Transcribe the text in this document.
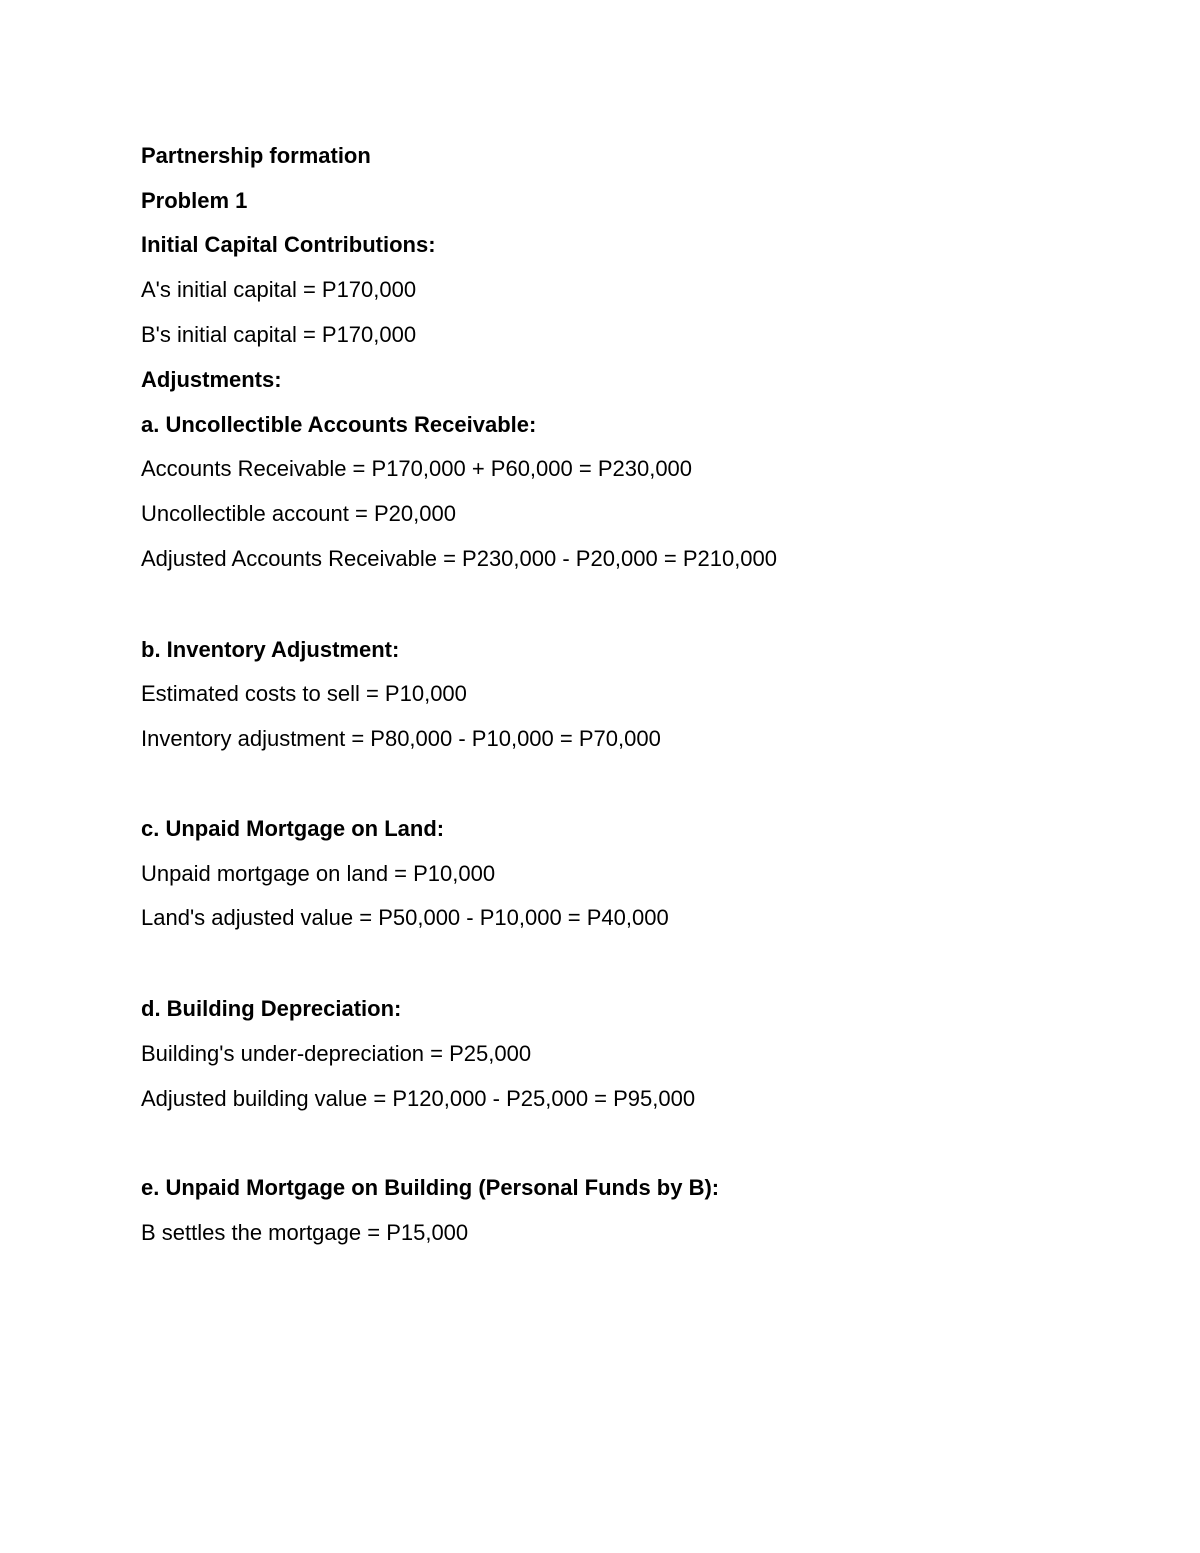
Partnership formation

Problem 1

Initial Capital Contributions:

A's initial capital = P170,000

B's initial capital = P170,000

Adjustments:

a. Uncollectible Accounts Receivable:

Accounts Receivable = P170,000 + P60,000 = P230,000

Uncollectible account = P20,000

Adjusted Accounts Receivable = P230,000 - P20,000 = P210,000

b. Inventory Adjustment:

Estimated costs to sell = P10,000

Inventory adjustment = P80,000 - P10,000 = P70,000

c. Unpaid Mortgage on Land:

Unpaid mortgage on land = P10,000

Land's adjusted value = P50,000 - P10,000 = P40,000

d. Building Depreciation:

Building's under-depreciation = P25,000

Adjusted building value = P120,000 - P25,000 = P95,000

e. Unpaid Mortgage on Building (Personal Funds by B):

B settles the mortgage = P15,000
